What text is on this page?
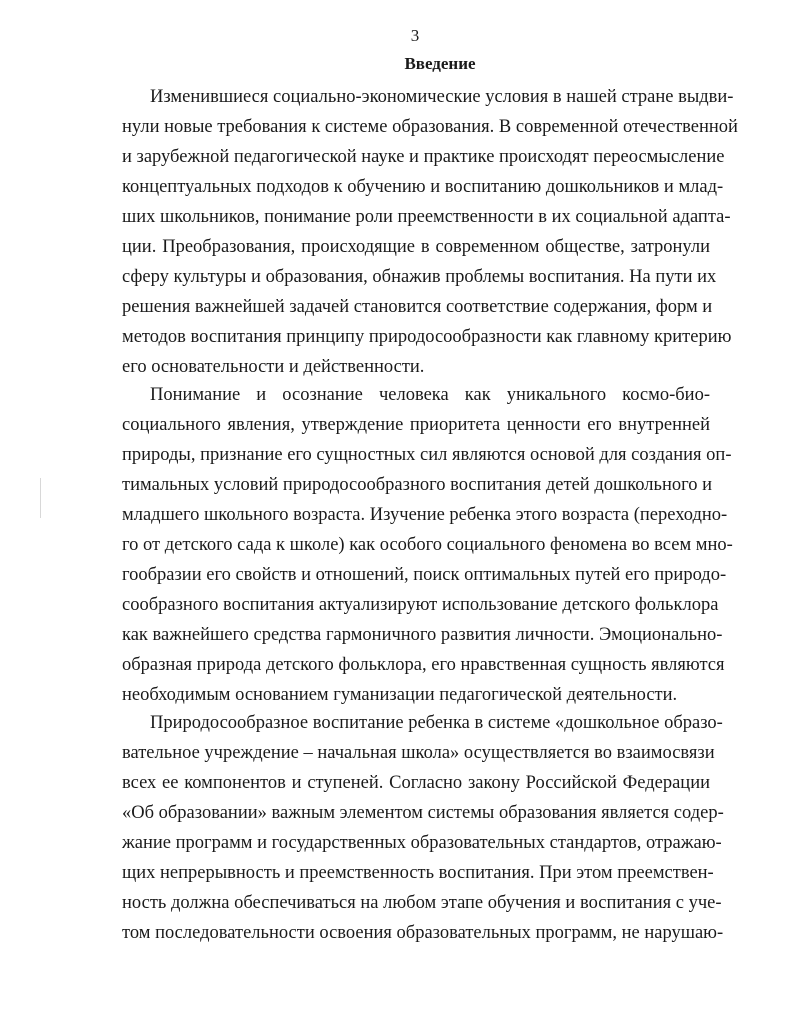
3
Введение
Изменившиеся социально-экономические условия в нашей стране выдви-
нули новые требования к системе образования. В современной отечественной
и зарубежной педагогической науке и практике происходят переосмысление
концептуальных подходов к обучению и воспитанию дошкольников и млад-
ших школьников, понимание роли преемственности в их социальной адапта-
ции. Преобразования, происходящие в современном обществе, затронули
сферу культуры и образования, обнажив проблемы воспитания. На пути их
решения важнейшей задачей становится соответствие содержания, форм и
методов воспитания принципу природосообразности как главному критерию
его основательности и действенности.
Понимание и осознание человека как уникального космо-био-
социального явления, утверждение приоритета ценности его внутренней
природы, признание его сущностных сил являются основой для создания оп-
тимальных условий природосообразного воспитания детей дошкольного и
младшего школьного возраста. Изучение ребенка этого возраста (переходно-
го от детского сада к школе) как особого социального феномена во всем мно-
гообразии его свойств и отношений, поиск оптимальных путей его природо-
сообразного воспитания актуализируют использование детского фольклора
как важнейшего средства гармоничного развития личности. Эмоционально-
образная природа детского фольклора, его нравственная сущность являются
необходимым основанием гуманизации педагогической деятельности.
Природосообразное воспитание ребенка в системе «дошкольное образо-
вательное учреждение – начальная школа» осуществляется во взаимосвязи
всех ее компонентов и ступеней. Согласно закону Российской Федерации
«Об образовании» важным элементом системы образования является содер-
жание программ и государственных образовательных стандартов, отражаю-
щих непрерывность и преемственность воспитания. При этом преемствен-
ность должна обеспечиваться на любом этапе обучения и воспитания с уче-
том последовательности освоения образовательных программ, не нарушаю-
